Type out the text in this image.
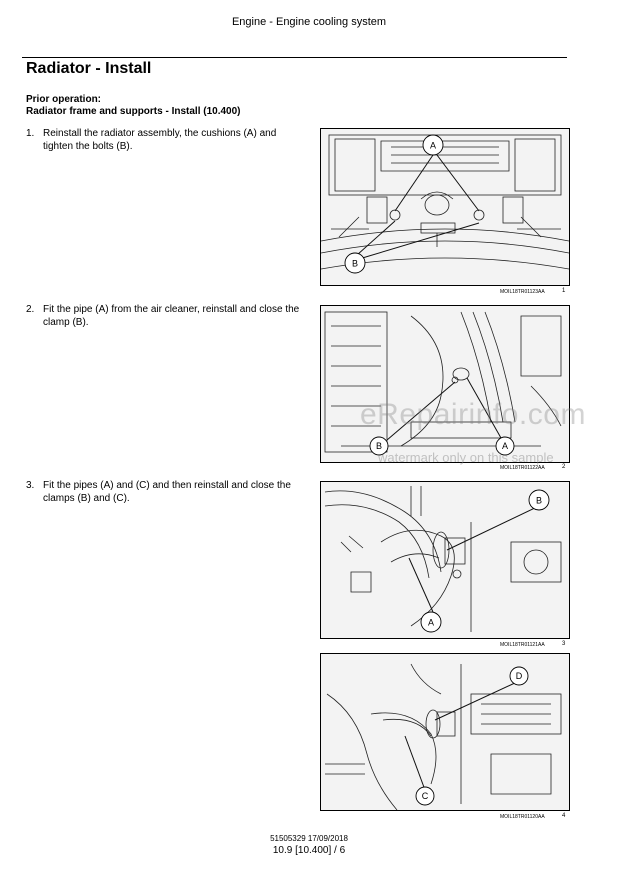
Engine - Engine cooling system
Radiator - Install
Prior operation:
Radiator frame and supports - Install (10.400)
1. Reinstall the radiator assembly, the cushions (A) and tighten the bolts (B).
2. Fit the pipe (A) from the air cleaner, reinstall and close the clamp (B).
3. Fit the pipes (A) and (C) and then reinstall and close the clamps (B) and (C).
A
B
MOIL18TR01123AA	1
B	A
MOIL18TR01122AA	2
B
A
MOIL18TR01121AA	3
D
C
MOIL18TR01120AA	4
eRepairinfo.com
watermark only on this sample
51505329 17/09/2018
10.9 [10.400] / 6
